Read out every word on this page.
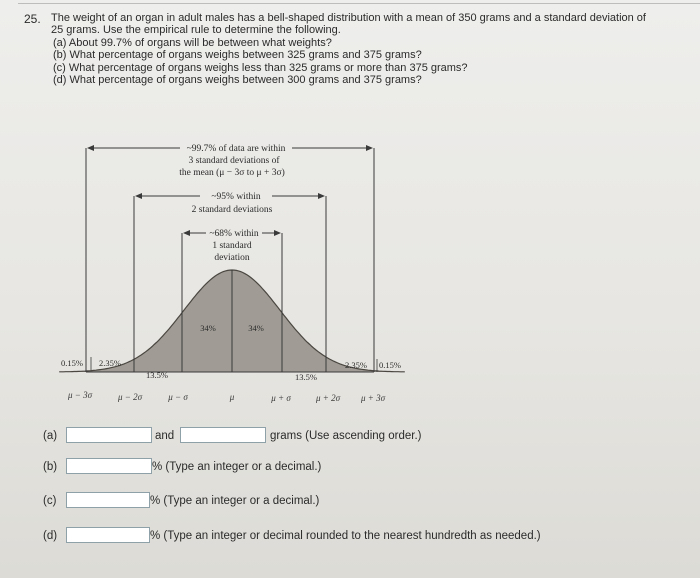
25. The weight of an organ in adult males has a bell-shaped distribution with a mean of 350 grams and a standard deviation of
25 grams. Use the empirical rule to determine the following.
(a) About 99.7% of organs will be between what weights?
(b) What percentage of organs weighs between 325 grams and 375 grams?
(c) What percentage of organs weighs less than 325 grams or more than 375 grams?
(d) What percentage of organs weighs between 300 grams and 375 grams?
~99.7% of data are within
3 standard deviations of
the mean (μ − 3σ to μ + 3σ)
~95% within
2 standard deviations
~68% within
1 standard
deviation
34%	34%
13.5%	13.5%
2.35%	2.35%
0.15%	0.15%
μ − 3σ	μ − 2σ	μ − σ	μ	μ + σ	μ + 2σ μ + 3σ
(a)	and	grams (Use ascending order.)
(b)	% (Type an integer or a decimal.)
(c)	% (Type an integer or a decimal.)
(d)	% (Type an integer or decimal rounded to the nearest hundredth as needed.)
